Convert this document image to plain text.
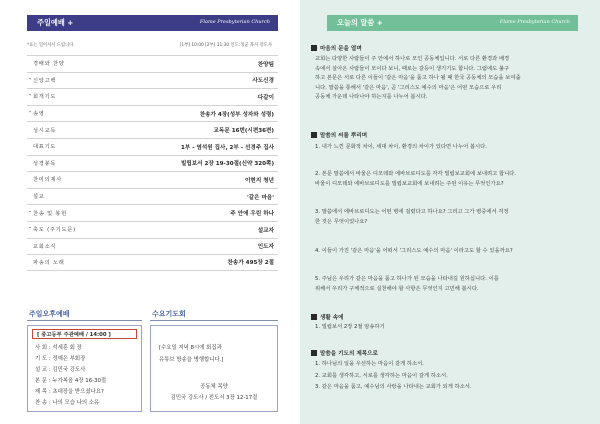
주일예배 +	Flame Presbyterian Church
*표는 일어서서 드립니다.	[1부] 10:00 [2부] 11:30 인도:정균 목사 강도사
경배와 찬양	찬양팀
* 신앙고백	사도신경
* 회개기도	다같이
* 송영	찬송가 4장(성부 성자와 성령)
성시교독	교독문 16번(시편36편)
대표기도	1부 - 염석원 집사, 2부 - 선경주 집사
성경봉독	빌립보서 2장 19-30절(신약 320쪽)
찬미의제사	이현지 청년
설교	'같은 마음'
* 찬송 및 봉헌	주 안에 우린 하나
* 축도 (주기도문)	설교자
교회소식	인도자
파송의 노래	찬송가 495장 2절
주일오후예배
[ 중고등부 주관예배 / 14:00 ]
사 회 : 석세훈 회 장
기 도 : 정예은 부회장
설 교 : 김민국 강도사
본 문 : 누가복음 4장 16-30절
제 목 : 초대장을 받으셨나요?
찬 송 : 나의 모습 나의 소유
수요기도회
[수요일 저녁 8시에 회집과
유튜브 방송을 병행합니다.]
공동체 목양
김민국 강도사 / 전도서 3장 12-17절
오늘의 말씀 +	Flame Presbyterian Church
마음의 문을 열며
교회는 다양한 사람들이 주 안에서 하나로 모인 공동체입니다. 서로 다른 환경과 배경
속에서 살아온 사람들이 모이다 보니, 때로는 갈등이 생기기도 합니다. 그럼에도 불구
하고 본문은 서로 다른 이들이 '같은 마음'을 품고 하나 될 때 한국 공동체의 모습을 보여줍
니다. 말씀을 통해서 '같은 마음', 곧 '그리스도 예수의 마음'은 어떤 모습으로 우리
공동체 가운데 나타나야 하는지를 나누어 봅시다.
말씀의 씨를 뿌리며
1. 내가 느낀 문화적 차이, 세대 차이, 환경의 차이가 있다면 나누어 봅시다.
2. 본문 말씀에서 바울은 디모데와 에바브로디도를 각각 빌립보교회에 보내려고 합니다.
바울이 디모데와 에바브로디도를 빌립보교회에 보내려는 주된 이유는 무엇인가요?
3. 말씀에서 에바브로디도는 어떤 병에 걸렸다고 하나요? 그리고 그가 병중에서 걱정
한 것은 무엇이었나요?
4. 이들이 가진 '같은 마음'을 어떠서 '그리스도 예수의 마음' 이라고도 할 수 있을까요?
5. 주님은 우리가 같은 마음을 품고 하나가 된 모습을 나타내길 원하십니다. 이를
위해서 우리가 구체적으로 실천해야 할 사항은 무엇인지 고민해 봅시다.
생활 속에
1. 빌립보서 2장 2절 암송하기
말씀을 기도의 제목으로
1. 하나님의 일을 우선하는 마음이 갈게 하소서.
2. 교회를 생각하고, 서로를 생각하는 마음이 갈게 하소서.
3. 같은 마음을 품고, 예수님의 사랑을 나타내는 교회가 되게 하소서.
